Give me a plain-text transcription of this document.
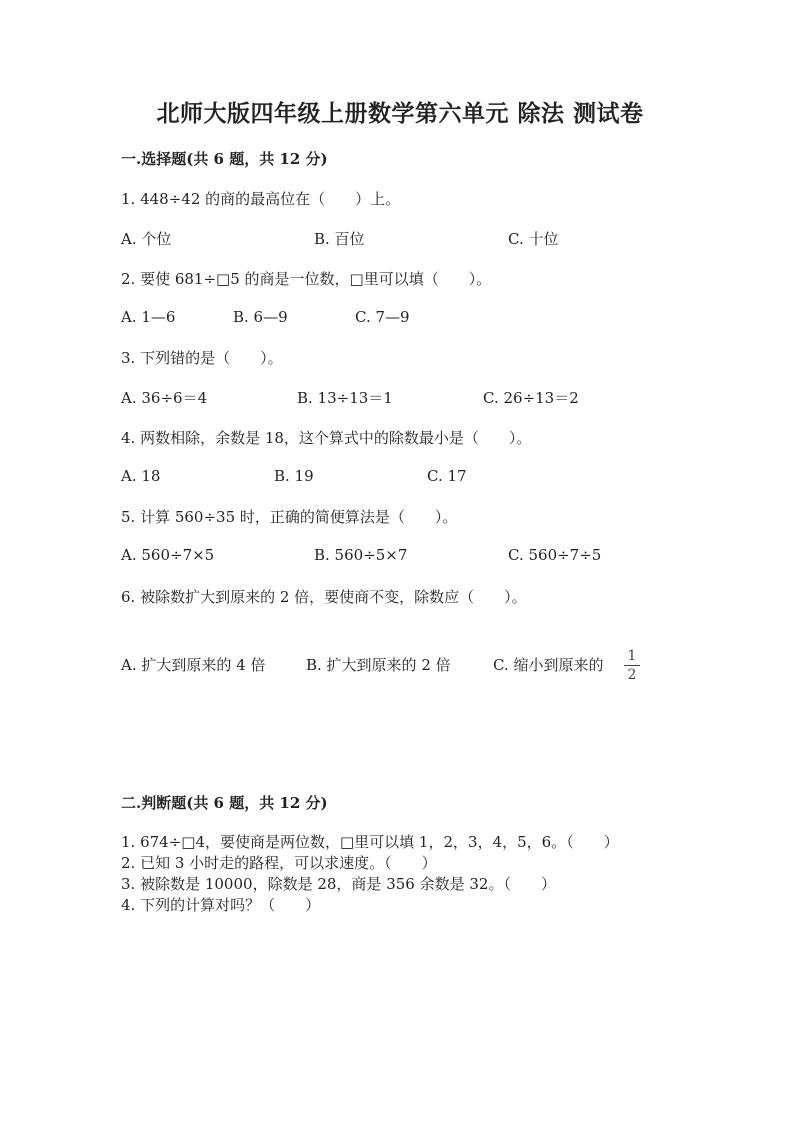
北师大版四年级上册数学第六单元 除法 测试卷
一.选择题(共 6 题，共 12 分)
1. 448÷42 的商的最高位在（　　）上。
A. 个位	B. 百位	C. 十位
2. 要使 681÷□5 的商是一位数，□里可以填（　　）。
A. 1—6	B. 6—9	C. 7—9
3. 下列错的是（　　）。
A. 36÷6＝4	B. 13÷13＝1	C. 26÷13＝2
4. 两数相除，余数是 18，这个算式中的除数最小是（　　）。
A. 18	B. 19	C. 17
5. 计算 560÷35 时，正确的简便算法是（　　）。
A. 560÷7×5	B. 560÷5×7	C. 560÷7÷5
6. 被除数扩大到原来的 2 倍，要使商不变，除数应（　　）。
A. 扩大到原来的 4 倍	B. 扩大到原来的 2 倍	C. 缩小到原来的 1
2
二.判断题(共 6 题，共 12 分)
1. 674÷□4，要使商是两位数，□里可以填 1，2，3，4，5，6。（　　）
2. 已知 3 小时走的路程，可以求速度。（　　）
3. 被除数是 10000，除数是 28，商是 356 余数是 32。（　　）
4. 下列的计算对吗？（　　）
